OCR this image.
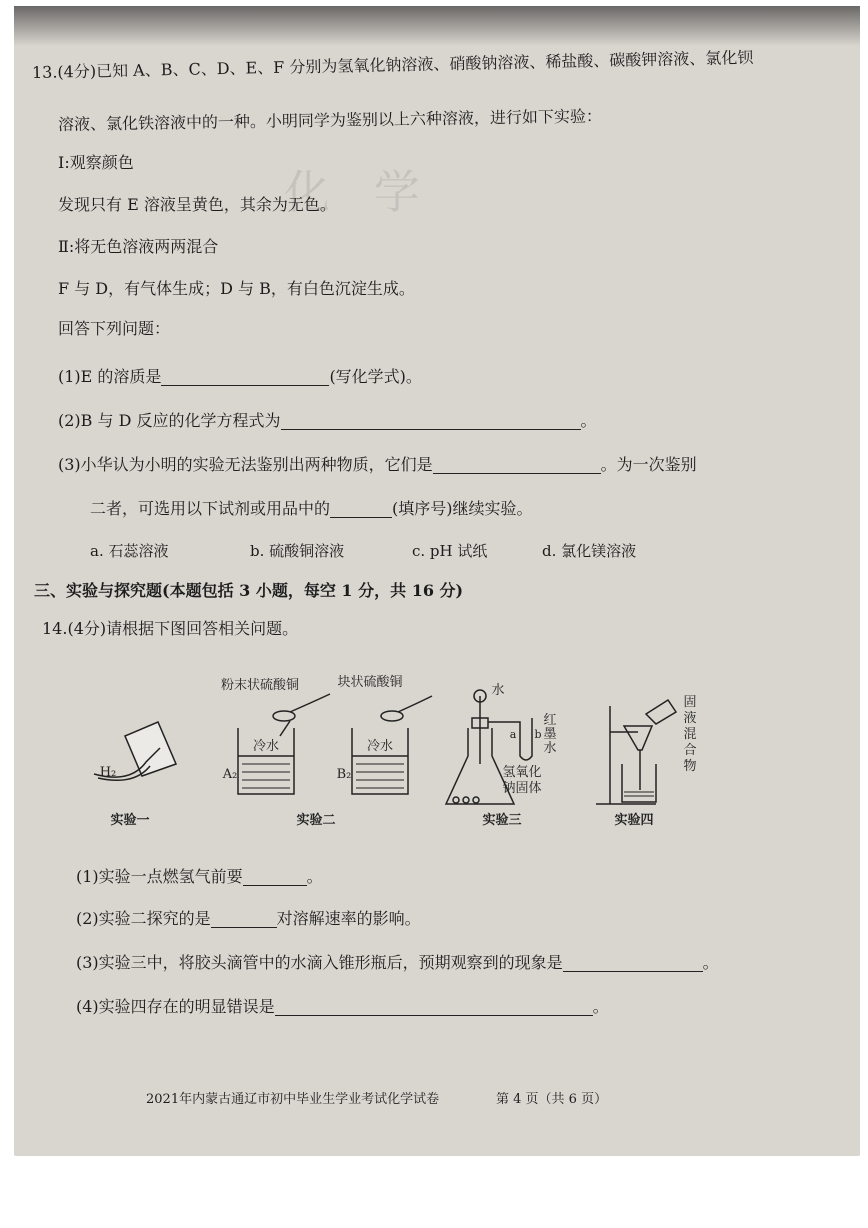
化   学
13.(4分)已知 A、B、C、D、E、F 分别为氢氧化钠溶液、硝酸钠溶液、稀盐酸、碳酸钾溶液、氯化钡
溶液、氯化铁溶液中的一种。小明同学为鉴别以上六种溶液，进行如下实验：
Ⅰ:观察颜色
发现只有 E 溶液呈黄色，其余为无色。
Ⅱ:将无色溶液两两混合
F 与 D，有气体生成；D 与 B，有白色沉淀生成。
回答下列问题：
(1)E 的溶质是	(写化学式)。
(2)B 与 D 反应的化学方程式为	。
(3)小华认为小明的实验无法鉴别出两种物质，它们是	。为一次鉴别
二者，可选用以下试剂或用品中的	(填序号)继续实验。
a. 石蕊溶液	b. 硫酸铜溶液	c. pH 试纸	d. 氯化镁溶液
三、实验与探究题(本题包括 3 小题，每空 1 分，共 16 分)
14.(4分)请根据下图回答相关问题。
H₂
实验一
冷水
A₂
粉末状硫酸铜
冷水
B₂
块状硫酸铜
实验二
水
a b
红
墨
水
氢氧化
钠固体
实验三
固
液
混
合
物
实验四
(1)实验一点燃氢气前要	。
(2)实验二探究的是	对溶解速率的影响。
(3)实验三中，将胶头滴管中的水滴入锥形瓶后，预期观察到的现象是	。
(4)实验四存在的明显错误是	。
2021年内蒙古通辽市初中毕业生学业考试化学试卷	第 4 页（共 6 页）
